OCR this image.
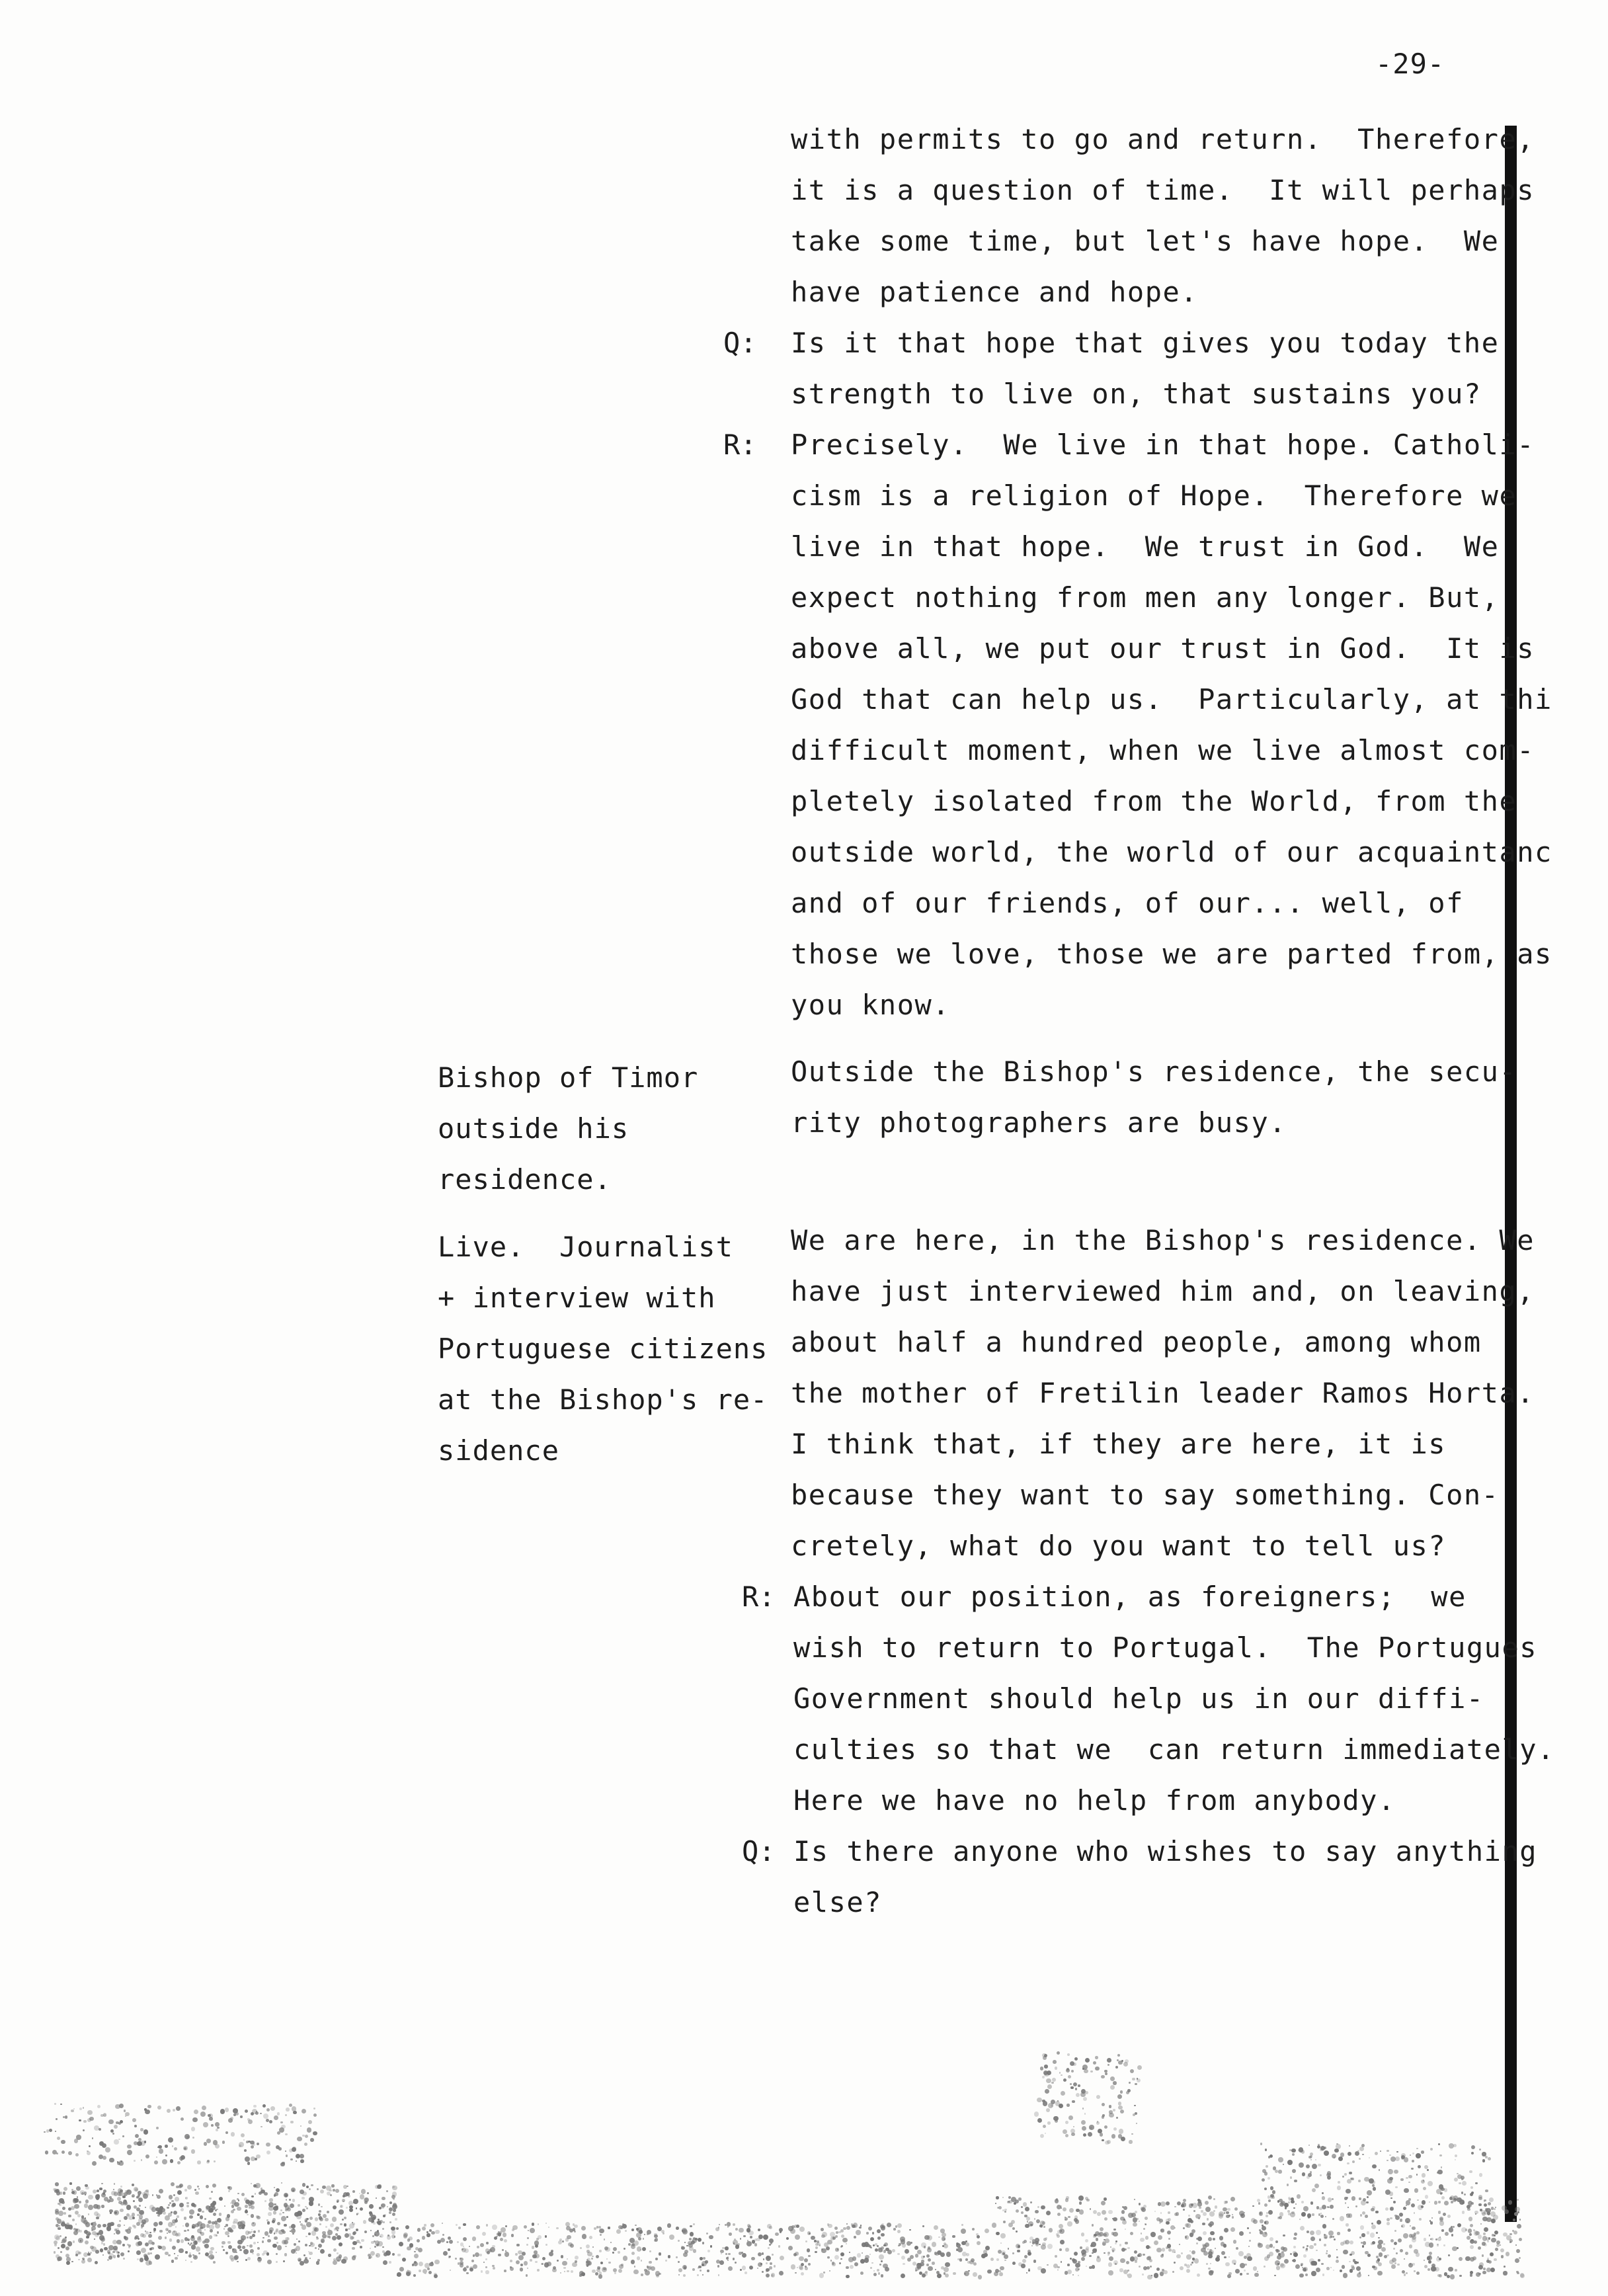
-29-
with permits to go and return.  Therefore,
it is a question of time.  It will perhaps
take some time, but let's have hope.  We
have patience and hope.
Q: Is it that hope that gives you today the
strength to live on, that sustains you?
R: Precisely.  We live in that hope. Catholi-
cism is a religion of Hope.  Therefore we
live in that hope.  We trust in God.  We
expect nothing from men any longer. But,
above all, we put our trust in God.  It is
God that can help us.  Particularly, at thi
difficult moment, when we live almost com-
pletely isolated from the World, from the
outside world, the world of our acquaintanc
and of our friends, of our... well, of
those we love, those we are parted from, as
you know.
Bishop of Timor
outside his
residence.
Outside the Bishop's residence, the secu-
rity photographers are busy.
Live.  Journalist
+ interview with
Portuguese citizens
at the Bishop's re-
sidence
We are here, in the Bishop's residence. We
have just interviewed him and, on leaving,
about half a hundred people, among whom
the mother of Fretilin leader Ramos Horta.
I think that, if they are here, it is
because they want to say something. Con-
cretely, what do you want to tell us?
R: About our position, as foreigners;  we
wish to return to Portugal.  The Portugues
Government should help us in our diffi-
culties so that we  can return immediately.
Here we have no help from anybody.
Q: Is there anyone who wishes to say anything
else?
